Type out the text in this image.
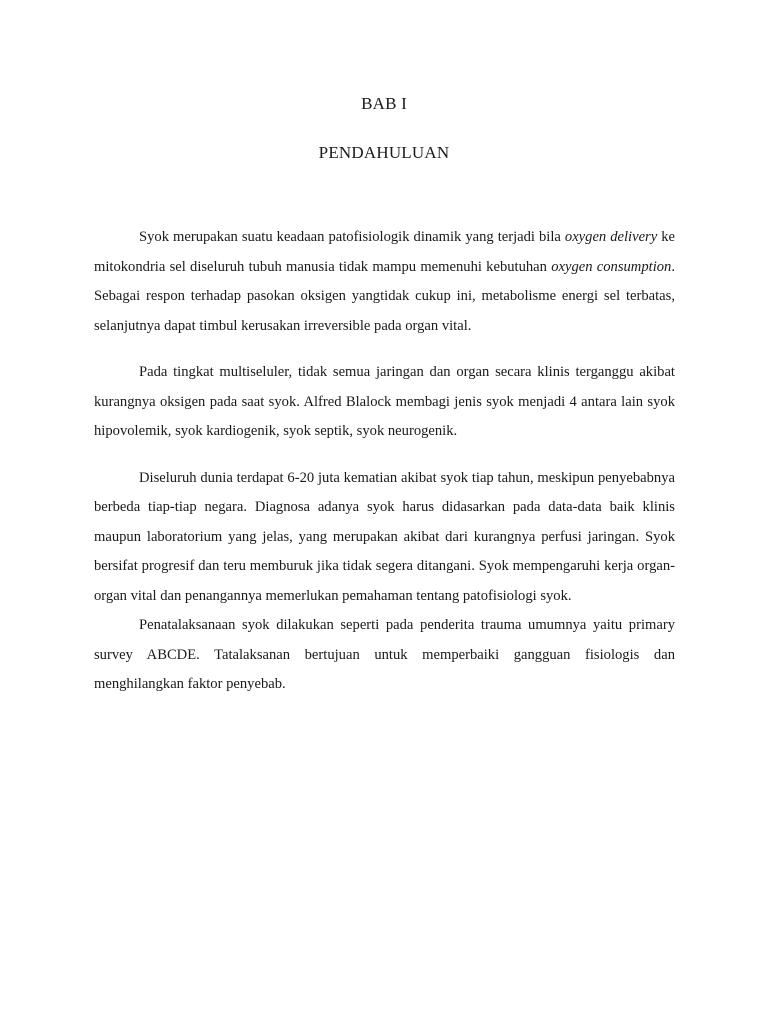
BAB I
PENDAHULUAN

Syok merupakan suatu keadaan patofisiologik dinamik yang terjadi bila oxygen delivery ke mitokondria sel diseluruh tubuh manusia tidak mampu memenuhi kebutuhan oxygen consumption. Sebagai respon terhadap pasokan oksigen yangtidak cukup ini, metabolisme energi sel terbatas, selanjutnya dapat timbul kerusakan irreversible pada organ vital.

Pada tingkat multiseluler, tidak semua jaringan dan organ secara klinis terganggu akibat kurangnya oksigen pada saat syok. Alfred Blalock membagi jenis syok menjadi 4 antara lain syok hipovolemik, syok kardiogenik, syok septik, syok neurogenik.

Diseluruh dunia terdapat 6-20 juta kematian akibat syok tiap tahun, meskipun penyebabnya berbeda tiap-tiap negara. Diagnosa adanya syok harus didasarkan pada data-data baik klinis maupun laboratorium yang jelas, yang merupakan akibat dari kurangnya perfusi jaringan. Syok bersifat progresif dan teru memburuk jika tidak segera ditangani. Syok mempengaruhi kerja organ-organ vital dan penangannya memerlukan pemahaman tentang patofisiologi syok.

Penatalaksanaan syok dilakukan seperti pada penderita trauma umumnya yaitu primary survey ABCDE. Tatalaksanan bertujuan untuk memperbaiki gangguan fisiologis dan menghilangkan faktor penyebab.
